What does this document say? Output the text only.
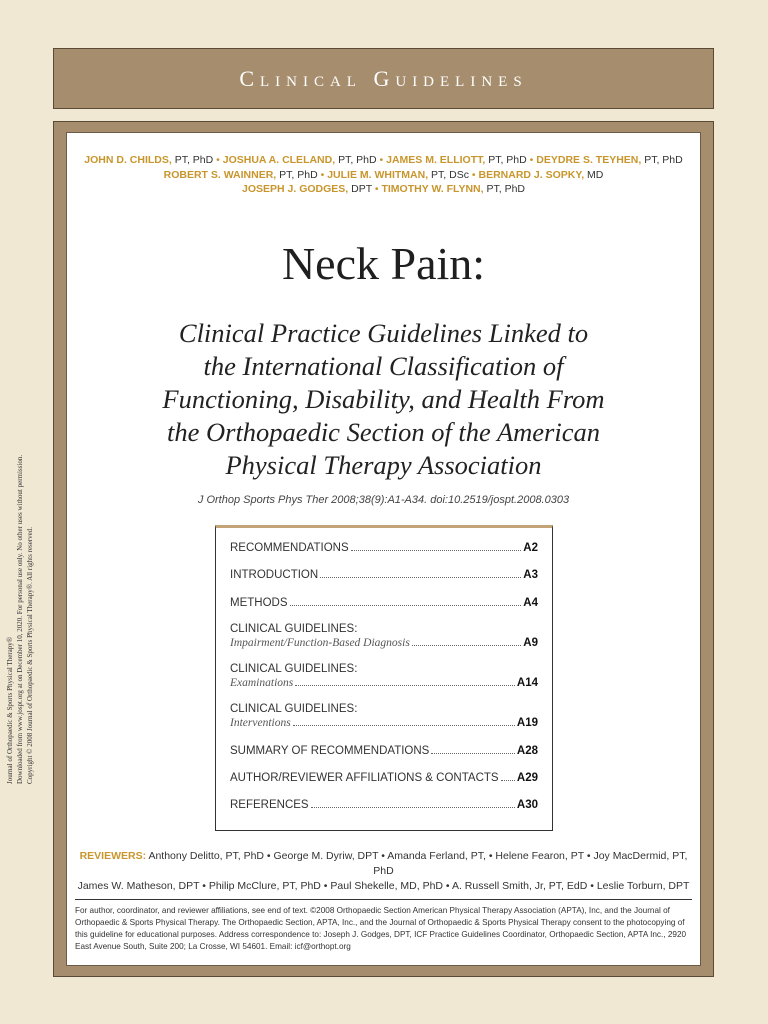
Journal of Orthopaedic & Sports Physical Therapy® Downloaded from www.jospt.org at on December 10, 2020. For personal use only. No other uses without permission. Copyright © 2008 Journal of Orthopaedic & Sports Physical Therapy®. All rights reserved.
Clinical Guidelines
JOHN D. CHILDS, PT, PhD • JOSHUA A. CLELAND, PT, PhD • JAMES M. ELLIOTT, PT, PhD • DEYDRE S. TEYHEN, PT, PhD
ROBERT S. WAINNER, PT, PhD • JULIE M. WHITMAN, PT, DSc • BERNARD J. SOPKY, MD
JOSEPH J. GODGES, DPT • TIMOTHY W. FLYNN, PT, PhD
Neck Pain:
Clinical Practice Guidelines Linked to
the International Classification of
Functioning, Disability, and Health From
the Orthopaedic Section of the American
Physical Therapy Association
J Orthop Sports Phys Ther 2008;38(9):A1-A34. doi:10.2519/jospt.2008.0303
RECOMMENDATIONS	A2
INTRODUCTION	A3
METHODS	A4
CLINICAL GUIDELINES:
Impairment/Function-Based Diagnosis	A9
CLINICAL GUIDELINES:
Examinations	A14
CLINICAL GUIDELINES:
Interventions	A19
SUMMARY OF RECOMMENDATIONS	A28
AUTHOR/REVIEWER AFFILIATIONS & CONTACTS A29
REFERENCES	A30
REVIEWERS: Anthony Delitto, PT, PhD • George M. Dyriw, DPT • Amanda Ferland, PT, • Helene Fearon, PT • Joy MacDermid, PT, PhD
James W. Matheson, DPT • Philip McClure, PT, PhD • Paul Shekelle, MD, PhD • A. Russell Smith, Jr, PT, EdD • Leslie Torburn, DPT
For author, coordinator, and reviewer affiliations, see end of text. ©2008 Orthopaedic Section American Physical Therapy Association (APTA), Inc, and the Journal of Orthopaedic & Sports Physical Therapy. The Orthopaedic Section, APTA, Inc., and the Journal of Orthopaedic & Sports Physical Therapy consent to the photocopying of this guideline for educational purposes. Address correspondence to: Joseph J. Godges, DPT, ICF Practice Guidelines Coordinator, Orthopaedic Section, APTA Inc., 2920 East Avenue South, Suite 200; La Crosse, WI 54601. Email: icf@orthopt.org
